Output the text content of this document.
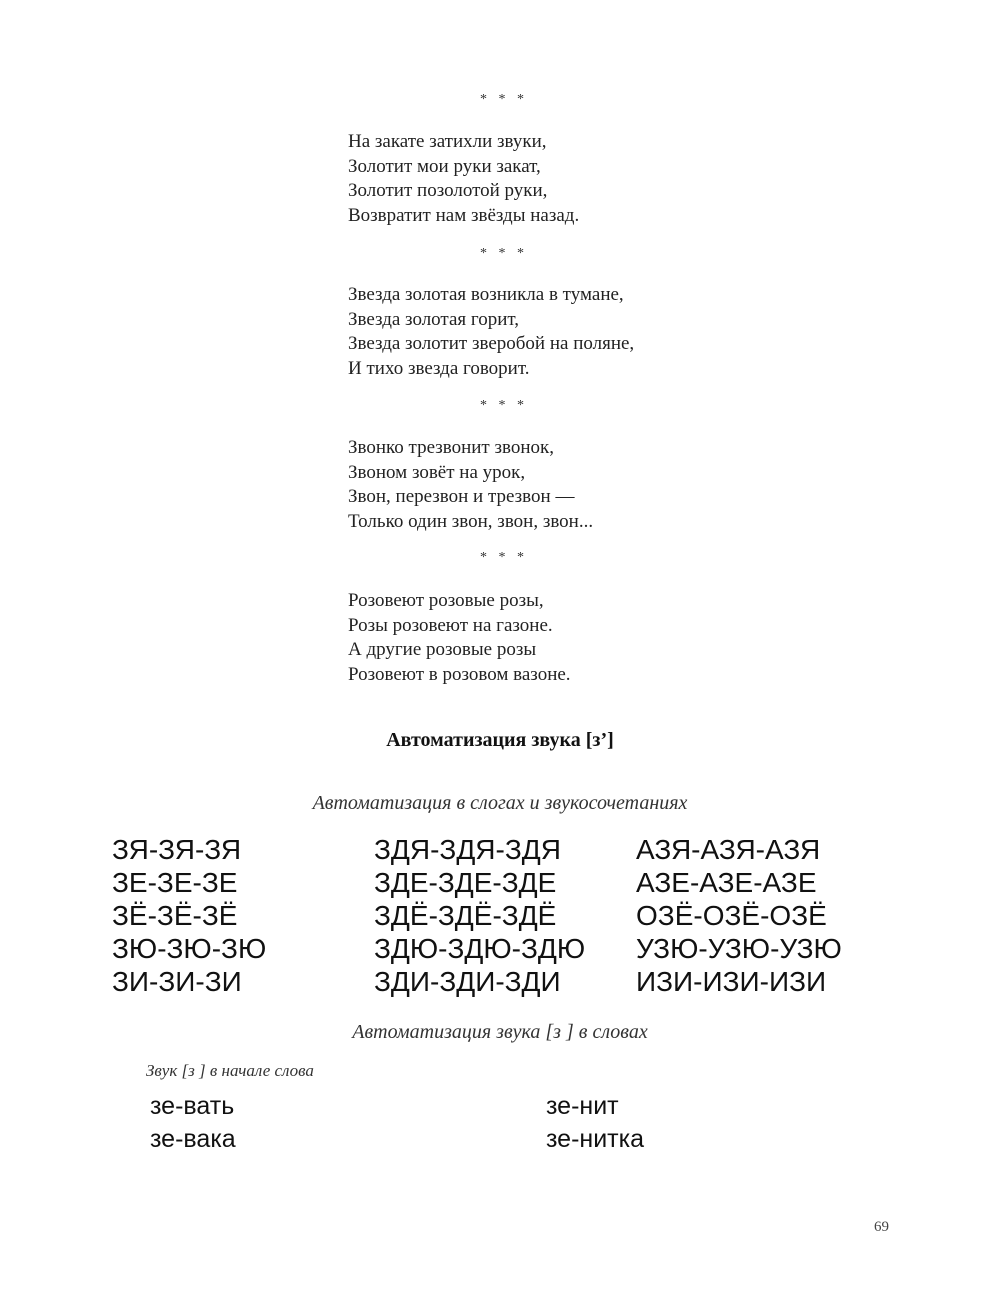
* * *
На закате затихли звуки,
Золотит мои руки закат,
Золотит позолотой руки,
Возвратит нам звёзды назад.
* * *
Звезда золотая возникла в тумане,
Звезда золотая горит,
Звезда золотит зверобой на поляне,
И тихо звезда говорит.
* * *
Звонко трезвонит звонок,
Звоном зовёт на урок,
Звон, перезвон и трезвон —
Только один звон, звон, звон...
* * *
Розовеют розовые розы,
Розы розовеют на газоне.
А другие розовые розы
Розовеют в розовом вазоне.
Автоматизация звука [з’]
Автоматизация в слогах и звукосочетаниях
ЗЯ-ЗЯ-ЗЯ
ЗЕ-ЗЕ-ЗЕ
ЗЁ-ЗЁ-ЗЁ
ЗЮ-ЗЮ-ЗЮ
ЗИ-ЗИ-ЗИ
ЗДЯ-ЗДЯ-ЗДЯ
ЗДЕ-ЗДЕ-ЗДЕ
ЗДЁ-ЗДЁ-ЗДЁ
ЗДЮ-ЗДЮ-ЗДЮ
ЗДИ-ЗДИ-ЗДИ
АЗЯ-АЗЯ-АЗЯ
АЗЕ-АЗЕ-АЗЕ
ОЗЁ-ОЗЁ-ОЗЁ
УЗЮ-УЗЮ-УЗЮ
ИЗИ-ИЗИ-ИЗИ
Автоматизация звука [з ] в словах
Звук [з ] в начале слова
зе-вать
зе-вака
зе-нит
зе-нитка
69
